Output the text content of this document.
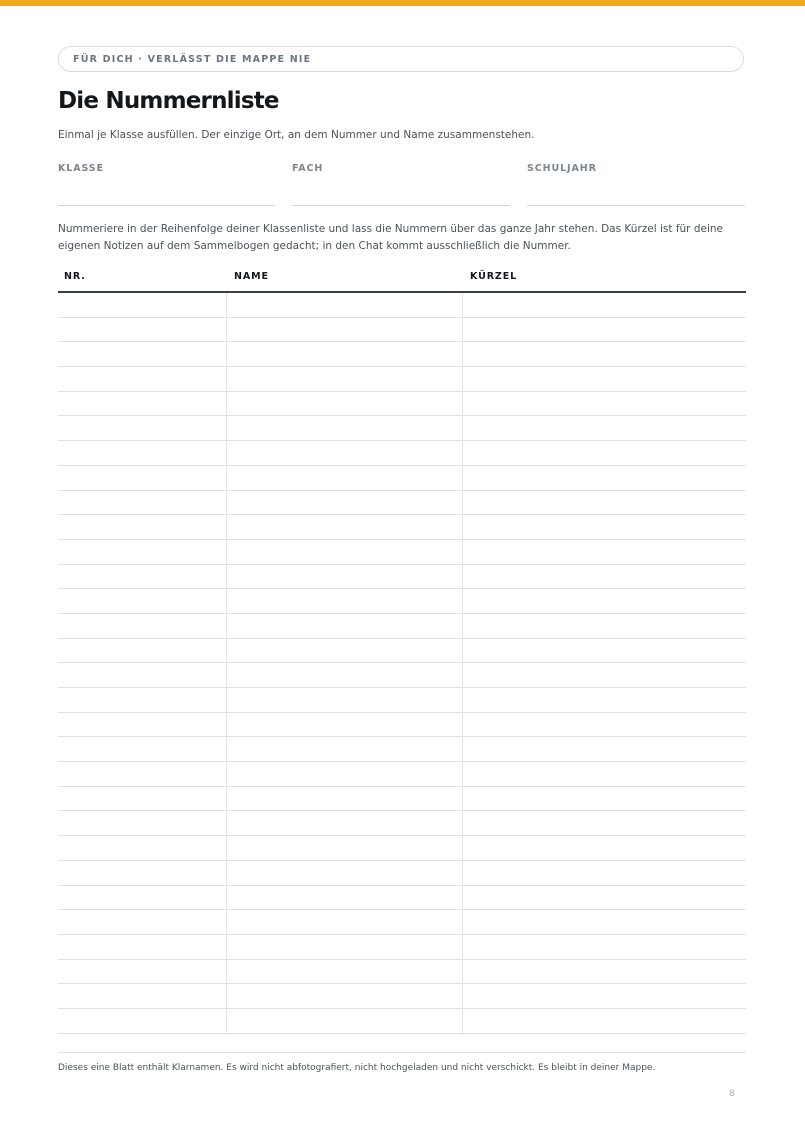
FÜR DICH · VERLÄSST DIE MAPPE NIE
Die Nummernliste
Einmal je Klasse ausfüllen. Der einzige Ort, an dem Nummer und Name zusammenstehen.
KLASSE	FACH	SCHULJAHR
Nummeriere in der Reihenfolge deiner Klassenliste und lass die Nummern über das ganze Jahr stehen. Das Kürzel ist für deine eigenen Notizen auf dem Sammelbogen gedacht; in den Chat kommt ausschließlich die Nummer.
NR.	NAME	KÜRZEL
Dieses eine Blatt enthält Klarnamen. Es wird nicht abfotografiert, nicht hochgeladen und nicht verschickt. Es bleibt in deiner Mappe.
8
